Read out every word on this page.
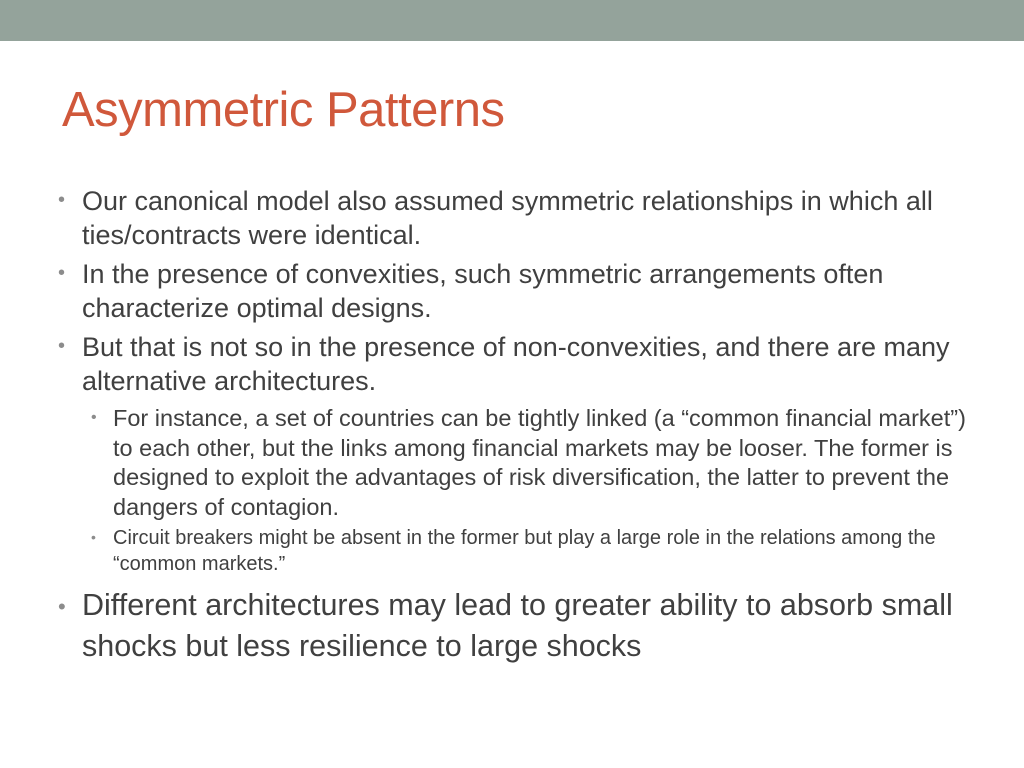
Asymmetric Patterns
• Our canonical model also assumed symmetric relationships in which all ties/contracts were identical.
• In the presence of convexities, such symmetric arrangements often characterize optimal designs.
• But that is not so in the presence of non-convexities, and there are many alternative architectures.
• For instance, a set of countries can be tightly linked (a “common financial market”) to each other, but the links among financial markets may be looser. The former is designed to exploit the advantages of risk diversification, the latter to prevent the dangers of contagion.
• Circuit breakers might be absent in the former but play a large role in the relations among the “common markets.”
• Different architectures may lead to greater ability to absorb small shocks but less resilience to large shocks
